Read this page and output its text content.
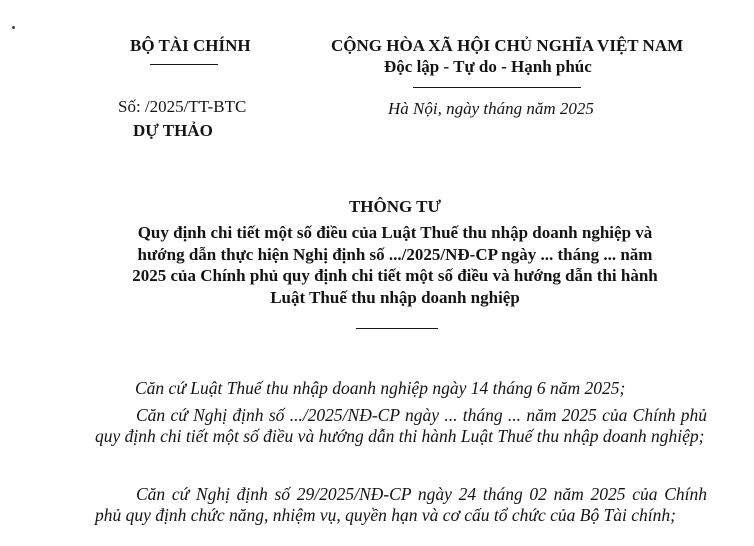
BỘ TÀI CHÍNH
Số: /2025/TT-BTC
DỰ THẢO
CỘNG HÒA XÃ HỘI CHỦ NGHĨA VIỆT NAM
Độc lập - Tự do - Hạnh phúc
Hà Nội, ngày tháng năm 2025
THÔNG TƯ
Quy định chi tiết một số điều của Luật Thuế thu nhập doanh nghiệp và
hướng dẫn thực hiện Nghị định số .../2025/NĐ-CP ngày ... tháng ... năm
2025 của Chính phủ quy định chi tiết một số điều và hướng dẫn thi hành
Luật Thuế thu nhập doanh nghiệp
Căn cứ Luật Thuế thu nhập doanh nghiệp ngày 14 tháng 6 năm 2025;
Căn cứ Nghị định số .../2025/NĐ-CP ngày ... tháng ... năm 2025 của Chính phủ quy định chi tiết một số điều và hướng dẫn thi hành Luật Thuế thu nhập doanh nghiệp;
Căn cứ Nghị định số 29/2025/NĐ-CP ngày 24 tháng 02 năm 2025 của Chính phủ quy định chức năng, nhiệm vụ, quyền hạn và cơ cấu tổ chức của Bộ Tài chính;
